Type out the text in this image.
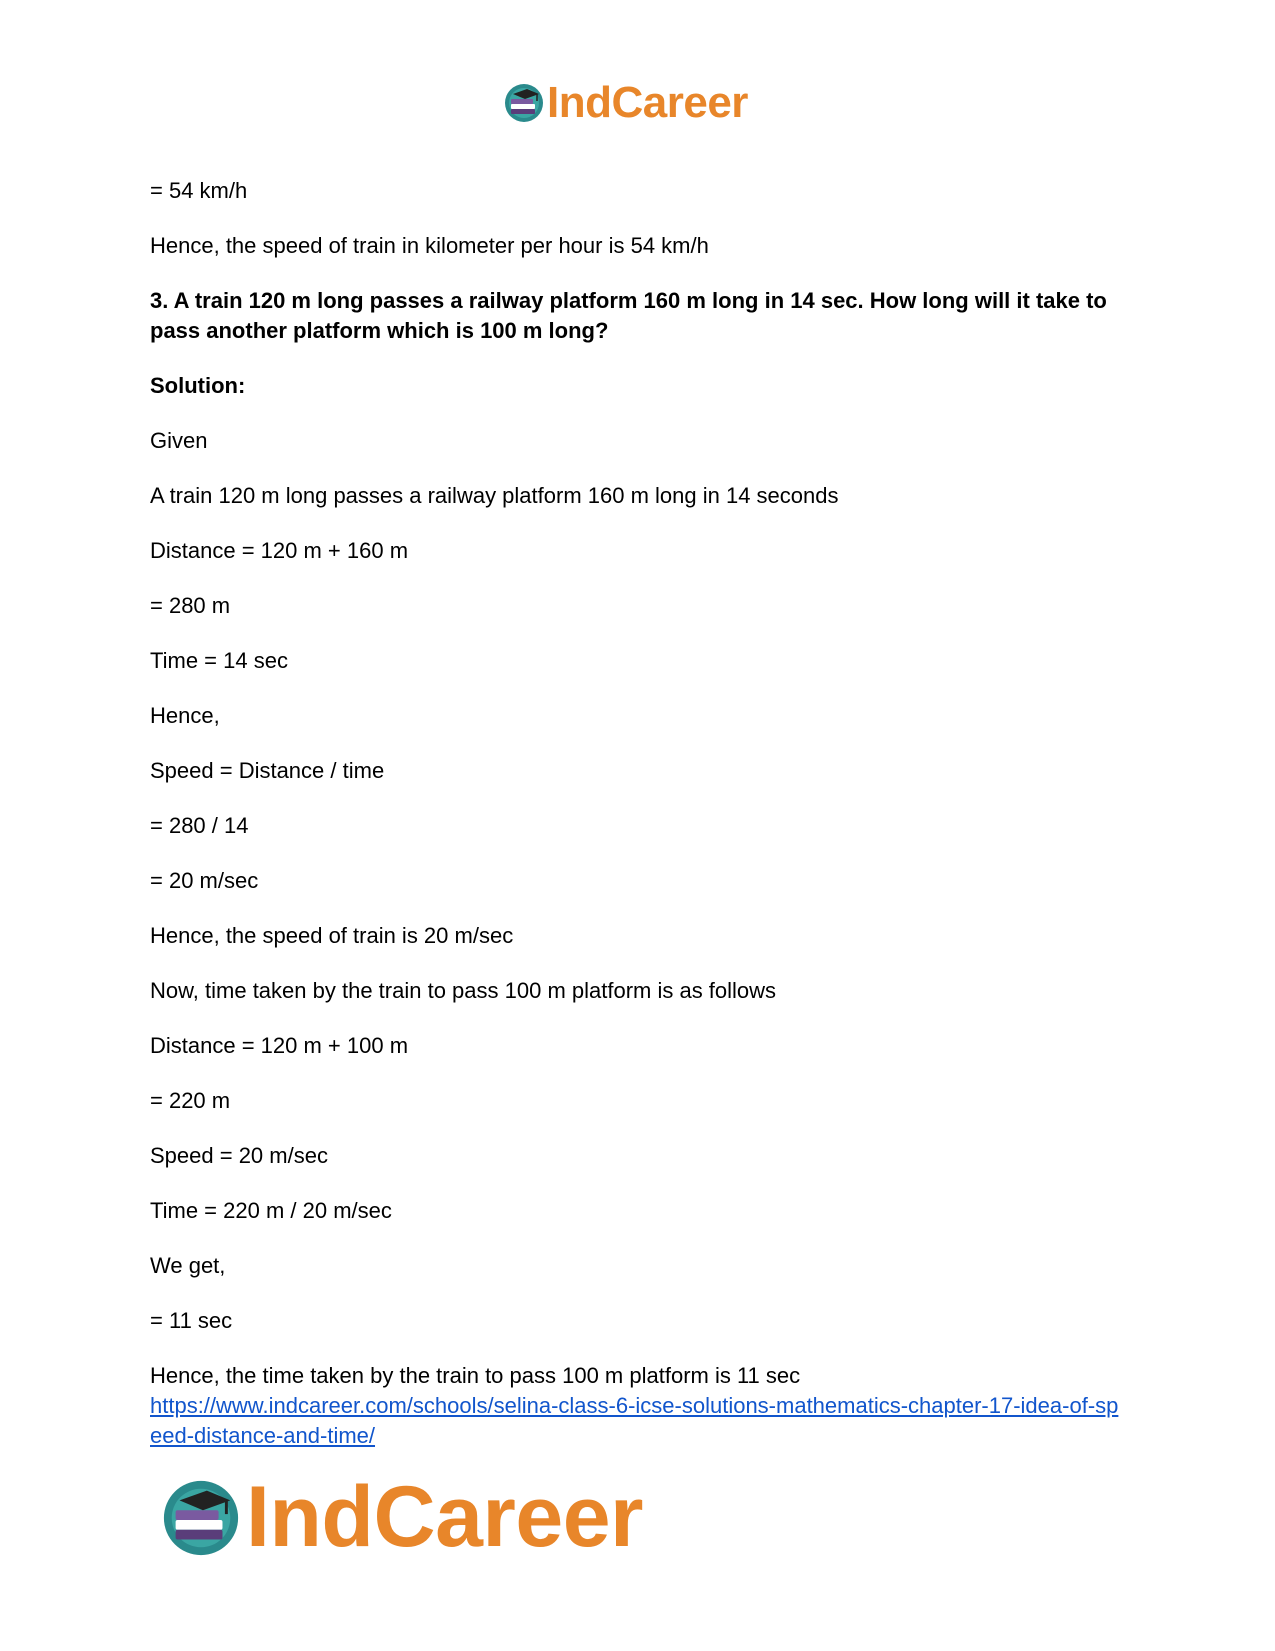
IndCareer

= 54 km/h

Hence, the speed of train in kilometer per hour is 54 km/h

3. A train 120 m long passes a railway platform 160 m long in 14 sec. How long will it take to pass another platform which is 100 m long?

Solution:

Given

A train 120 m long passes a railway platform 160 m long in 14 seconds

Distance = 120 m + 160 m

= 280 m

Time = 14 sec

Hence,

Speed = Distance / time

= 280 / 14

= 20 m/sec

Hence, the speed of train is 20 m/sec

Now, time taken by the train to pass 100 m platform is as follows

Distance = 120 m + 100 m

= 220 m

Speed = 20 m/sec

Time = 220 m / 20 m/sec

We get,

= 11 sec

Hence, the time taken by the train to pass 100 m platform is 11 sec

https://www.indcareer.com/schools/selina-class-6-icse-solutions-mathematics-chapter-17-idea-of-speed-distance-and-time/
IndCareer
